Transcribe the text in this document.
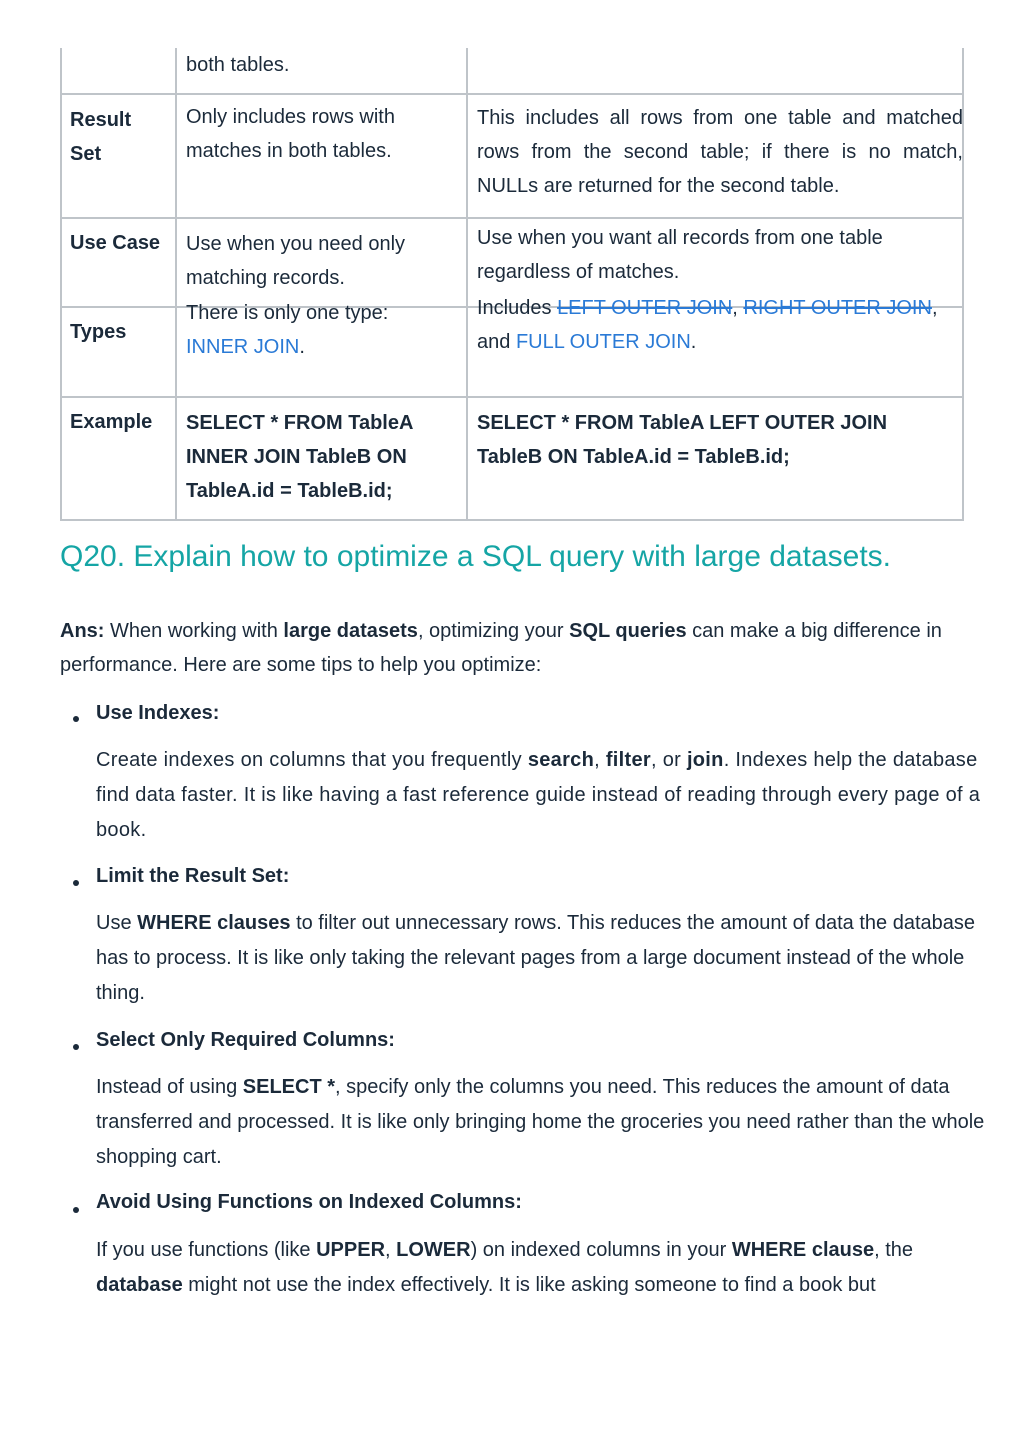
both tables.
Result
Set
Only includes rows with matches in both tables.
This includes all rows from one table and matched rows from the second table; if there is no match, NULLs are returned for the second table.
Use Case	Use when you need only matching records.
Use when you want all records from one table regardless of matches.
Types
There is only one type:
INNER JOIN.
Includes LEFT OUTER JOIN, RIGHT OUTER JOIN,
and FULL OUTER JOIN.
Example	SELECT * FROM TableA INNER JOIN TableB ON TableA.id = TableB.id;
SELECT * FROM TableA LEFT OUTER JOIN TableB ON TableA.id = TableB.id;
Q20. Explain how to optimize a SQL query with large datasets.
Ans: When working with large datasets, optimizing your SQL queries can make a big difference in performance. Here are some tips to help you optimize:
Use Indexes:
Create indexes on columns that you frequently search, filter, or join. Indexes help the database find data faster. It is like having a fast reference guide instead of reading through every page of a book.
Limit the Result Set:
Use WHERE clauses to filter out unnecessary rows. This reduces the amount of data the database has to process. It is like only taking the relevant pages from a large document instead of the whole thing.
Select Only Required Columns:
Instead of using SELECT *, specify only the columns you need. This reduces the amount of data transferred and processed. It is like only bringing home the groceries you need rather than the whole shopping cart.
Avoid Using Functions on Indexed Columns:
If you use functions (like UPPER, LOWER) on indexed columns in your WHERE clause, the database might not use the index effectively. It is like asking someone to find a book but
